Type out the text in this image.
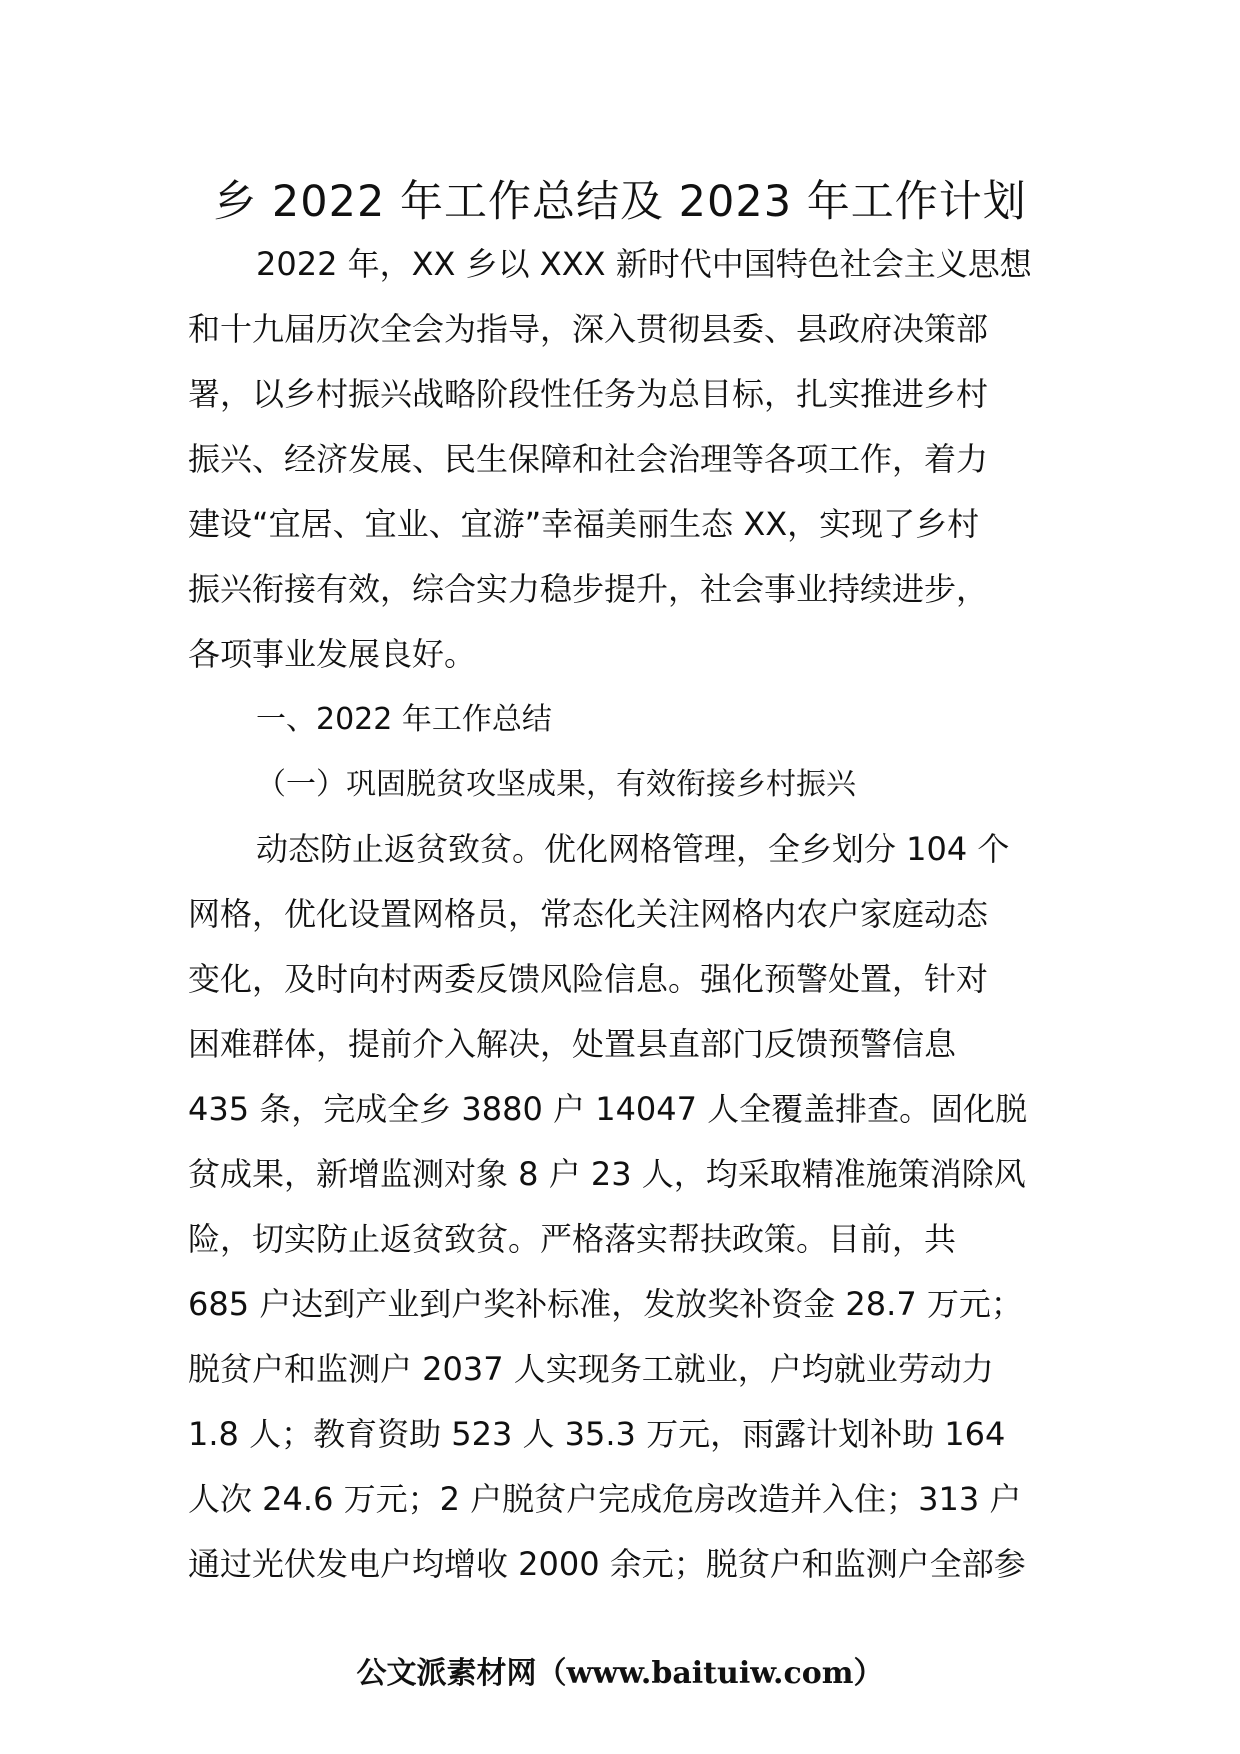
乡 2022 年工作总结及 2023 年工作计划
2022 年，XX 乡以 XXX 新时代中国特色社会主义思想
和十九届历次全会为指导，深入贯彻县委、县政府决策部
署，以乡村振兴战略阶段性任务为总目标，扎实推进乡村
振兴、经济发展、民生保障和社会治理等各项工作，着力
建设“宜居、宜业、宜游”幸福美丽生态 XX，实现了乡村
振兴衔接有效，综合实力稳步提升，社会事业持续进步，
各项事业发展良好。
一、2022 年工作总结
（一）巩固脱贫攻坚成果，有效衔接乡村振兴
动态防止返贫致贫。优化网格管理，全乡划分 104 个
网格，优化设置网格员，常态化关注网格内农户家庭动态
变化，及时向村两委反馈风险信息。强化预警处置，针对
困难群体，提前介入解决，处置县直部门反馈预警信息
435 条，完成全乡 3880 户 14047 人全覆盖排查。固化脱
贫成果，新增监测对象 8 户 23 人，均采取精准施策消除风
险，切实防止返贫致贫。严格落实帮扶政策。目前，共
685 户达到产业到户奖补标准，发放奖补资金 28.7 万元；
脱贫户和监测户 2037 人实现务工就业，户均就业劳动力
1.8 人；教育资助 523 人 35.3 万元，雨露计划补助 164
人次 24.6 万元；2 户脱贫户完成危房改造并入住；313 户
通过光伏发电户均增收 2000 余元；脱贫户和监测户全部参
公文派素材网（www.baituiw.com）
